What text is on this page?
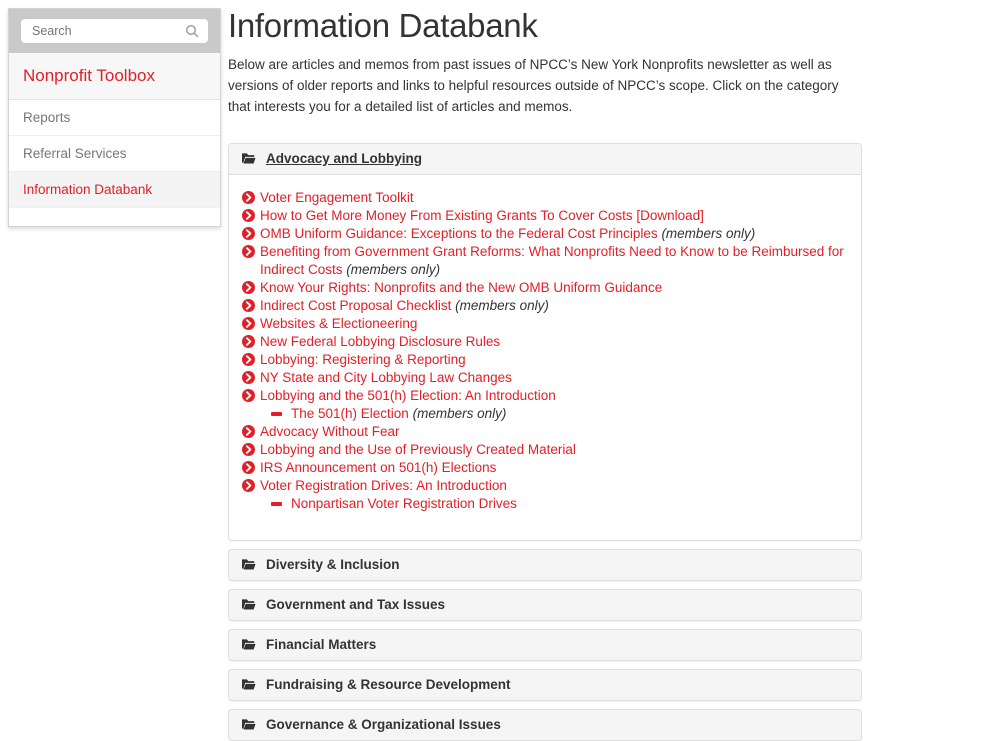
Search
Nonprofit Toolbox
Reports
Referral Services
Information Databank
Information Databank

Below are articles and memos from past issues of NPCC’s New York Nonprofits newsletter as well as versions of older reports and links to helpful resources outside of NPCC’s scope. Click on the category that interests you for a detailed list of articles and memos.

Advocacy and Lobbying
Voter Engagement Toolkit
How to Get More Money From Existing Grants To Cover Costs [Download]
OMB Uniform Guidance: Exceptions to the Federal Cost Principles (members only)
Benefiting from Government Grant Reforms: What Nonprofits Need to Know to be Reimbursed for Indirect Costs (members only)
Know Your Rights: Nonprofits and the New OMB Uniform Guidance
Indirect Cost Proposal Checklist (members only)
Websites & Electioneering
New Federal Lobbying Disclosure Rules
Lobbying: Registering & Reporting
NY State and City Lobbying Law Changes
Lobbying and the 501(h) Election: An Introduction
The 501(h) Election (members only)
Advocacy Without Fear
Lobbying and the Use of Previously Created Material
IRS Announcement on 501(h) Elections
Voter Registration Drives: An Introduction
Nonpartisan Voter Registration Drives
Diversity & Inclusion
Government and Tax Issues
Financial Matters
Fundraising & Resource Development
Governance & Organizational Issues
